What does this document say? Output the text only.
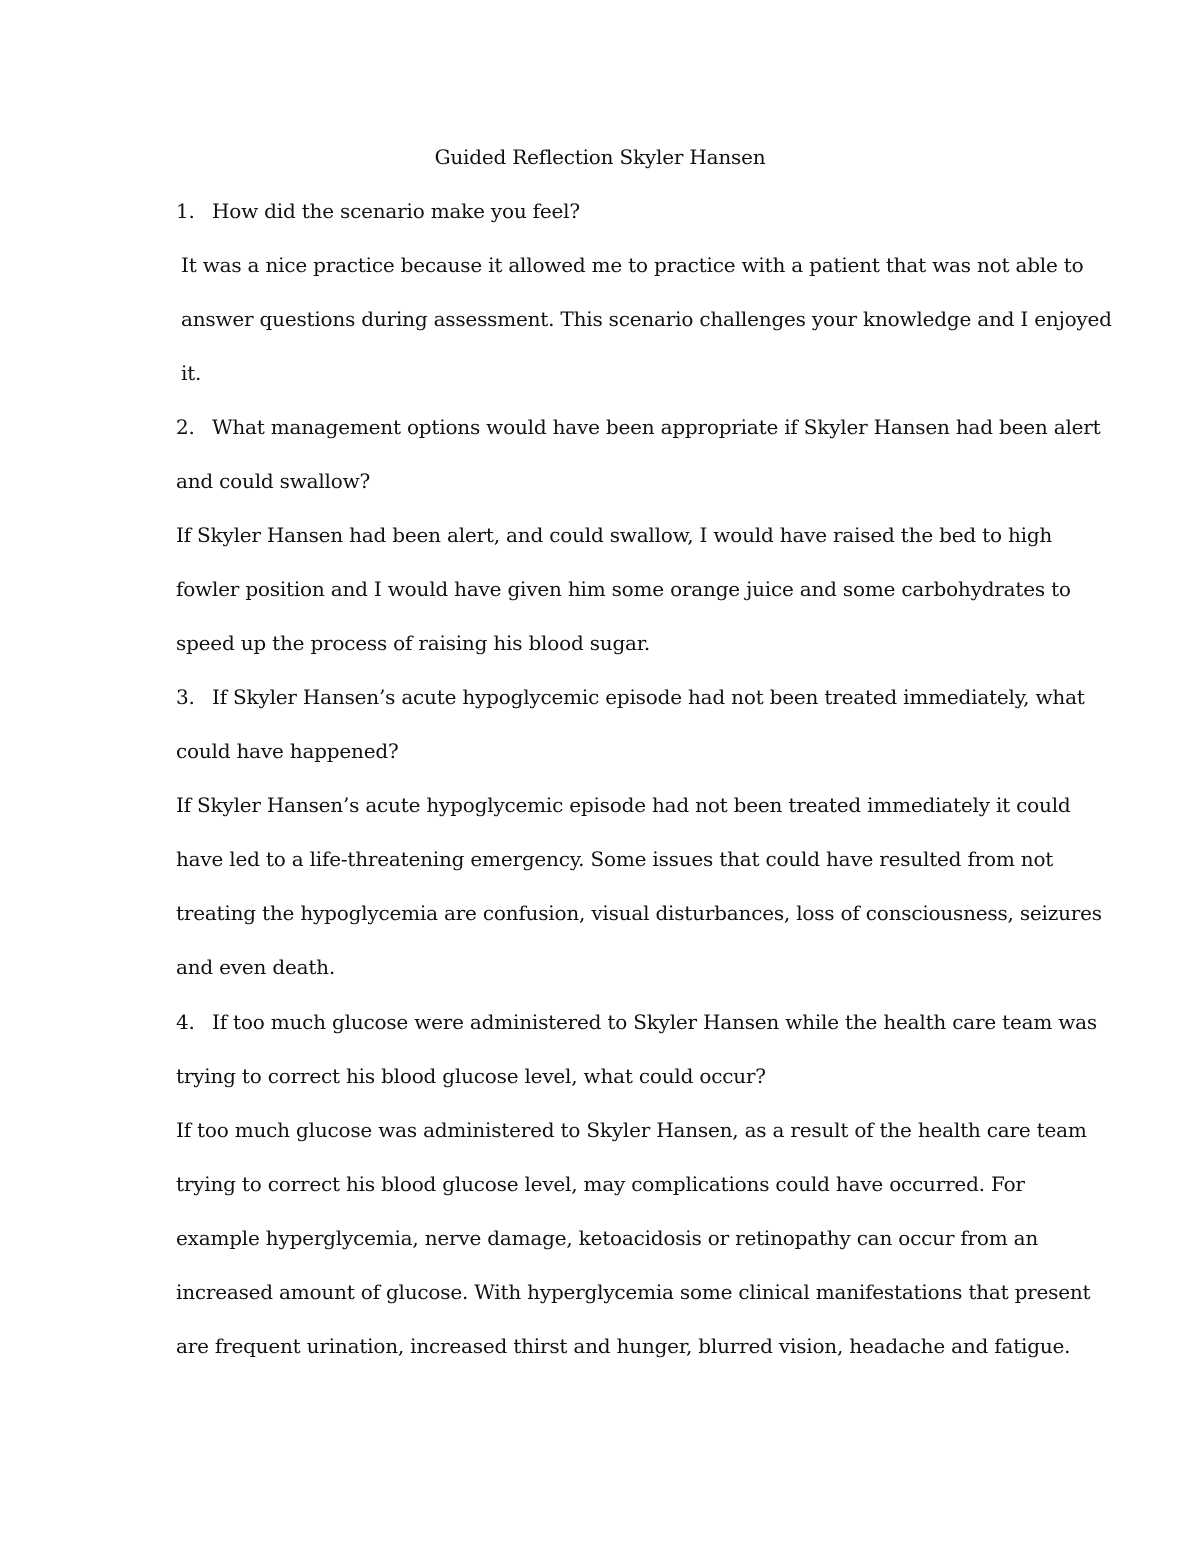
Guided Reflection Skyler Hansen
1. How did the scenario make you feel?
It was a nice practice because it allowed me to practice with a patient that was not able to
answer questions during assessment. This scenario challenges your knowledge and I enjoyed
it.
2. What management options would have been appropriate if Skyler Hansen had been alert
and could swallow?
If Skyler Hansen had been alert, and could swallow, I would have raised the bed to high
fowler position and I would have given him some orange juice and some carbohydrates to
speed up the process of raising his blood sugar.
3. If Skyler Hansen’s acute hypoglycemic episode had not been treated immediately, what
could have happened?
If Skyler Hansen’s acute hypoglycemic episode had not been treated immediately it could
have led to a life-threatening emergency. Some issues that could have resulted from not
treating the hypoglycemia are confusion, visual disturbances, loss of consciousness, seizures
and even death.
4. If too much glucose were administered to Skyler Hansen while the health care team was
trying to correct his blood glucose level, what could occur?
If too much glucose was administered to Skyler Hansen, as a result of the health care team
trying to correct his blood glucose level, may complications could have occurred. For
example hyperglycemia, nerve damage, ketoacidosis or retinopathy can occur from an
increased amount of glucose. With hyperglycemia some clinical manifestations that present
are frequent urination, increased thirst and hunger, blurred vision, headache and fatigue.
